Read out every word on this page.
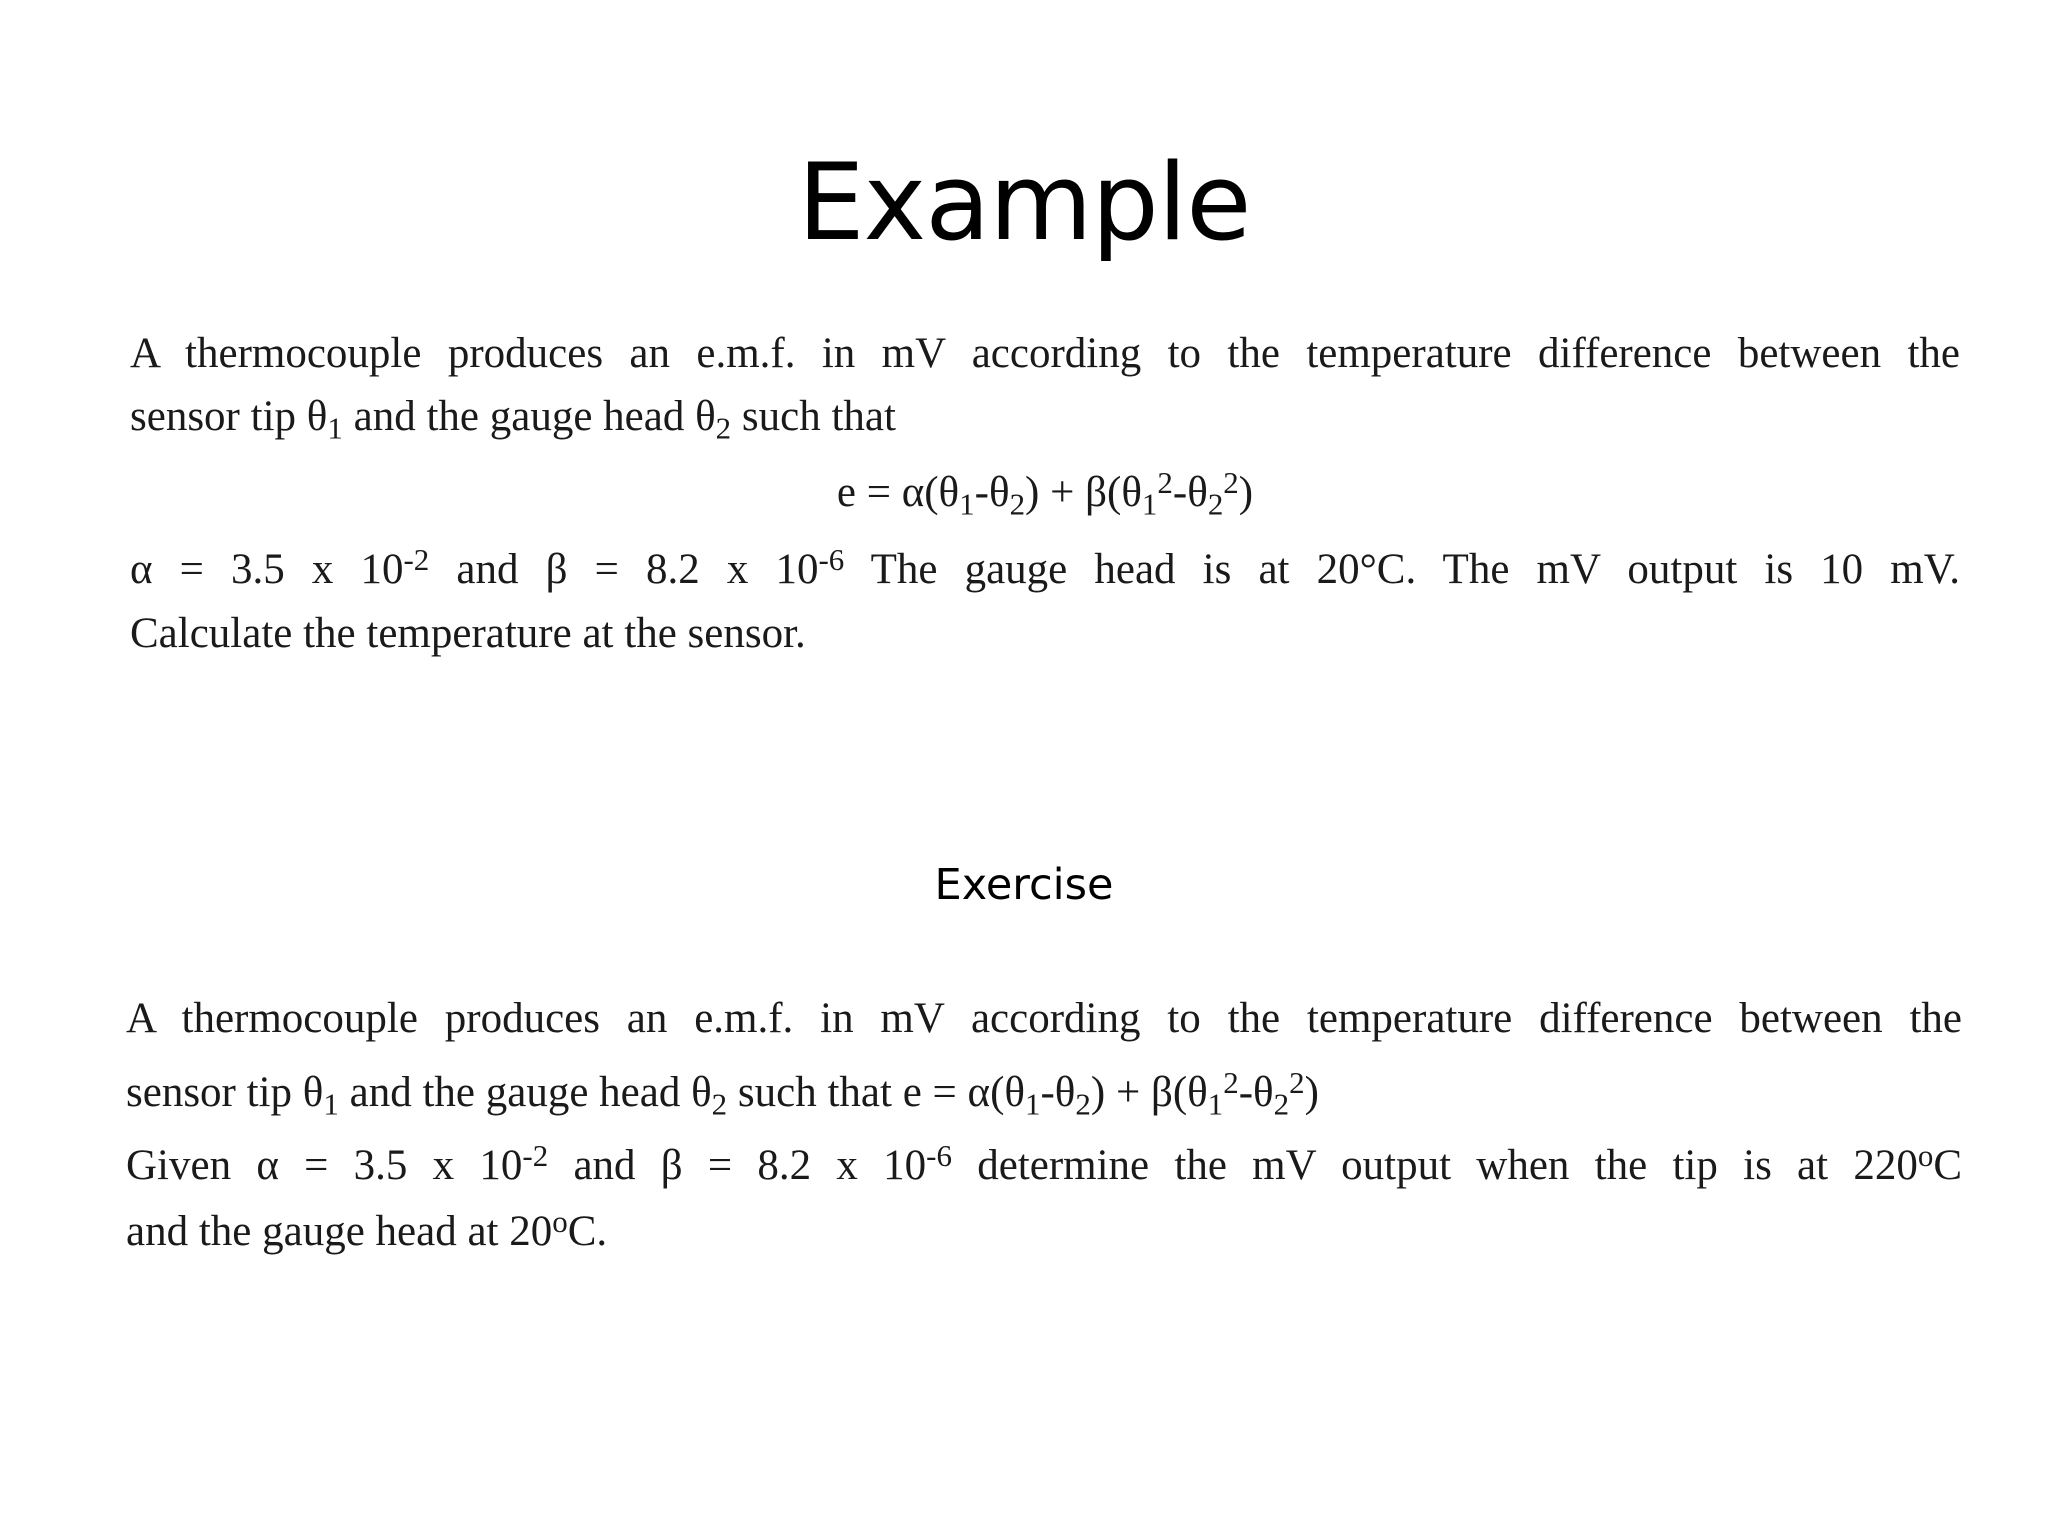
Example
A thermocouple produces an e.m.f. in mV according to the temperature difference between the
sensor tip $\theta_1$ and the gauge head $\theta_2$ such that
$e = \alpha(\theta_1-\theta_2) + \beta(\theta_1^2-\theta_2^2)$
α = 3.5 x $10^{-2}$ and β = 8.2 x $10^{-6}$ The gauge head is at 20°C. The mV output is 10 mV.
Calculate the temperature at the sensor.
Exercise
A thermocouple produces an e.m.f. in mV according to the temperature difference between the
sensor tip $\theta_1$ and the gauge head $\theta_2$ such that $e = \alpha(\theta_1-\theta_2) + \beta(\theta_1^2-\theta_2^2)$
Given α = 3.5 x $10^{-2}$ and β = 8.2 x $10^{-6}$ determine the mV output when the tip is at 220$^o$C
and the gauge head at 20$^o$C.
